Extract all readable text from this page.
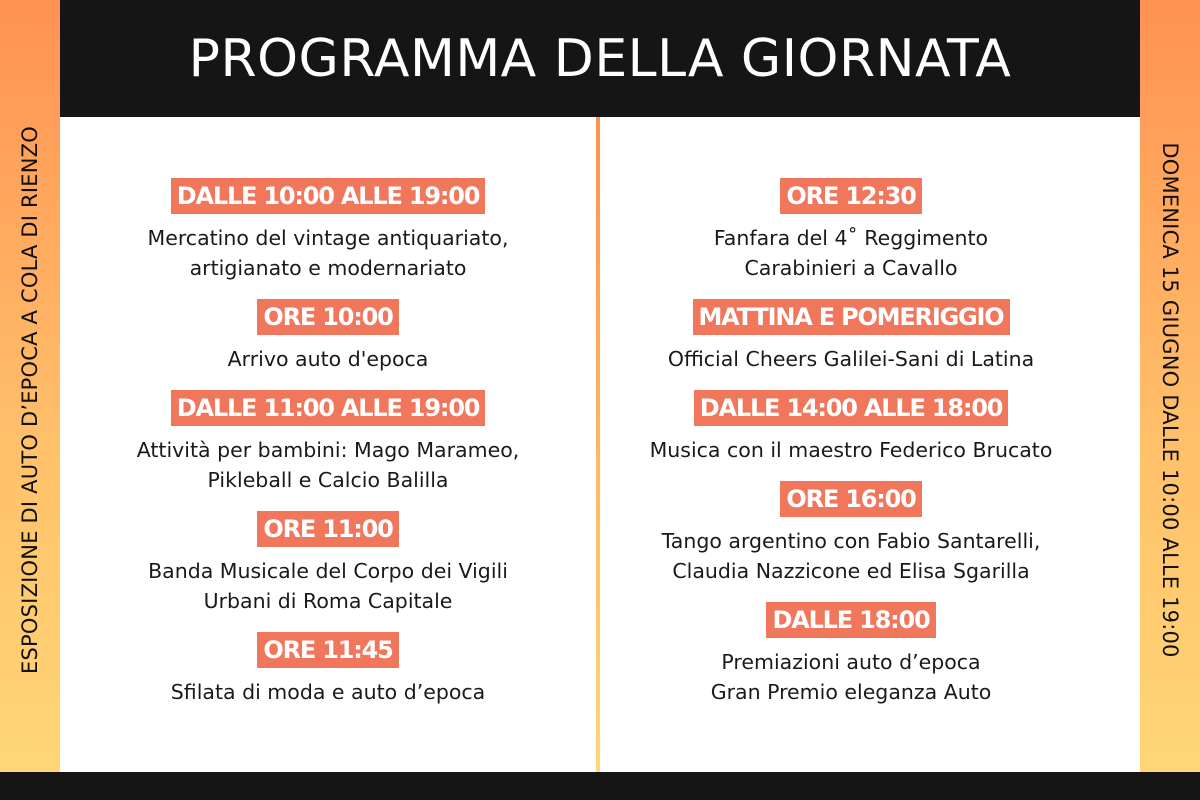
ESPOSIZIONE DI AUTO D’EPOCA A COLA DI RIENZO	DOMENICA 15 GIUGNO DALLE 10:00 ALLE 19:00
PROGRAMMA DELLA GIORNATA
DALLE 10:00 ALLE 19:00
Mercatino del vintage antiquariato,
artigianato e modernariato
ORE 10:00
Arrivo auto d'epoca
DALLE 11:00 ALLE 19:00
Attività per bambini: Mago Marameo,
Pikleball e Calcio Balilla
ORE 11:00
Banda Musicale del Corpo dei Vigili
Urbani di Roma Capitale
ORE 11:45
Sfilata di moda e auto d’epoca
ORE 12:30
Fanfara del 4˚ Reggimento
Carabinieri a Cavallo
MATTINA E POMERIGGIO
Official Cheers Galilei-Sani di Latina
DALLE 14:00 ALLE 18:00
Musica con il maestro Federico Brucato
ORE 16:00
Tango argentino con Fabio Santarelli,
Claudia Nazzicone ed Elisa Sgarilla
DALLE 18:00
Premiazioni auto d’epoca
Gran Premio eleganza Auto
